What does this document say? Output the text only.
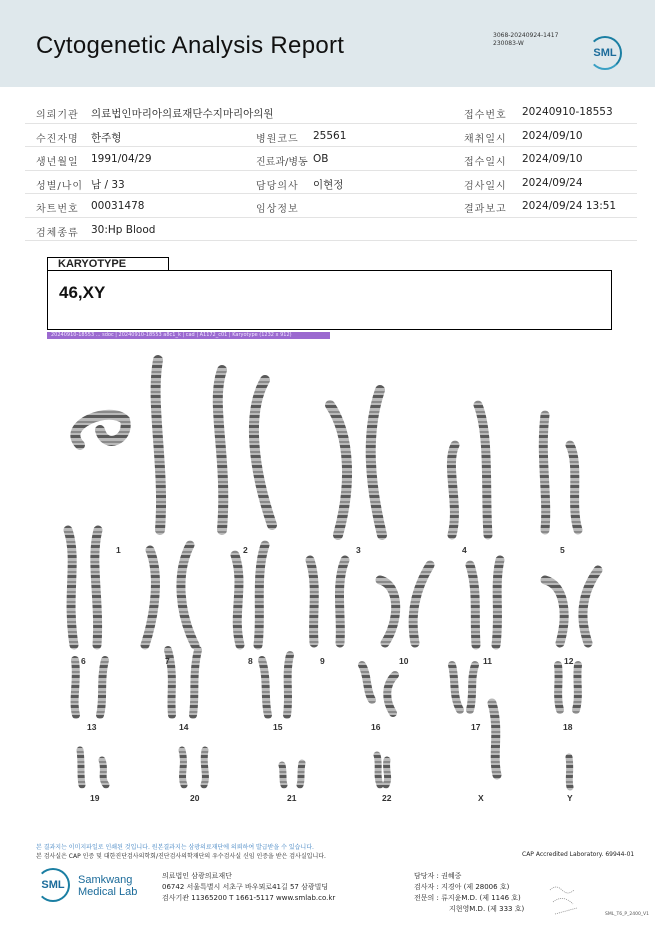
Cytogenetic Analysis Report	3068-20240924-1417
230083-W
SML
의뢰기관 의료법인마리아의료재단수지마리아의원	접수번호 20240910-18553
수진자명 한주형	병원코드 25561	채취일시 2024/09/10
생년월일 1991/04/29	진료과/병동 OB	접수일시 2024/09/10
성별/나이 남 / 33	담당의사 이현정	검사일시 2024/09/24
차트번호 00031478	임상정보	결과보고 2024/09/24 13:51
검체종류 30:Hp Blood
KARYOTYPE
46,XY
20240910-18553 ... sdoc | 20240910-18553 a8c1_k | cad | A1172_c01 | Karyotype (1232 x 912)
1	2	3	4	5
6	7	8	9	10	11	12
13	14	15	16	17	18
19	20	21	22	X	Y
본 결과지는 이미지파일로 인쇄된 것입니다. 원본결과지는 삼광의료재단에 의뢰하여 발급받을 수 있습니다.
본 검사실은 CAP 인증 및 대한진단검사의학회/진단검사의학재단의 우수검사실 신임 인증을 받은 검사실입니다.	CAP Accredited Laboratory. 69944-01
SML	Samkwang
Medical Lab
의료법인 삼광의료재단
06742 서울특별시 서초구 바우뫼로41길 57 삼광빌딩
검사기관 11365200 T 1661-5117 www.smlab.co.kr
담당자 : 권혜중
검사자 : 지경아 (제 28006 호)
전문의 : 류지윤M.D. (제 1146 호)
지현영M.D. (제 333 호)
SML_T6_P_2400_V1
